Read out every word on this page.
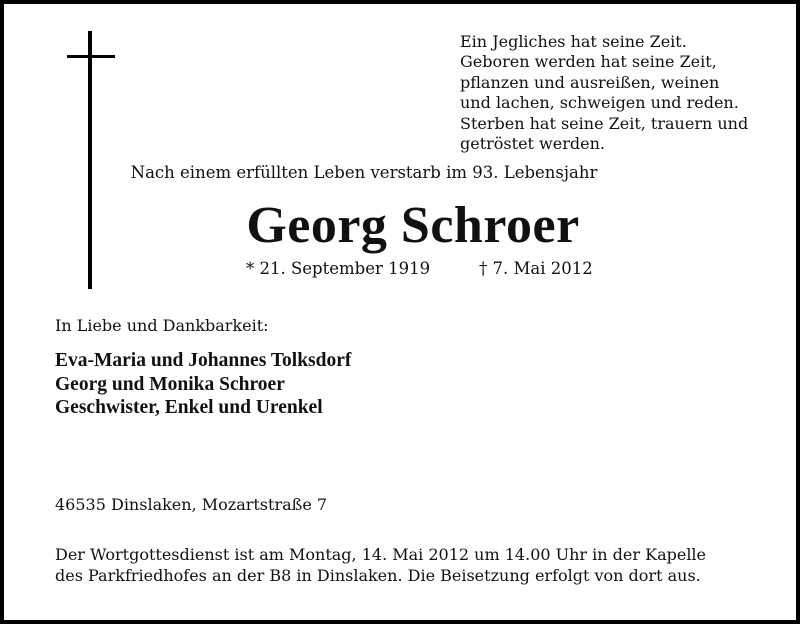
Ein Jegliches hat seine Zeit.
Geboren werden hat seine Zeit,
pflanzen und ausreißen, weinen
und lachen, schweigen und reden.
Sterben hat seine Zeit, trauern und
getröstet werden.
Nach einem erfüllten Leben verstarb im 93. Lebensjahr
Georg Schroer
* 21. September 1919	† 7. Mai 2012
In Liebe und Dankbarkeit:
Eva-Maria und Johannes Tolksdorf
Georg und Monika Schroer
Geschwister, Enkel und Urenkel
46535 Dinslaken, Mozartstraße 7
Der Wortgottesdienst ist am Montag, 14. Mai 2012 um 14.00 Uhr in der Kapelle
des Parkfriedhofes an der B8 in Dinslaken. Die Beisetzung erfolgt von dort aus.
